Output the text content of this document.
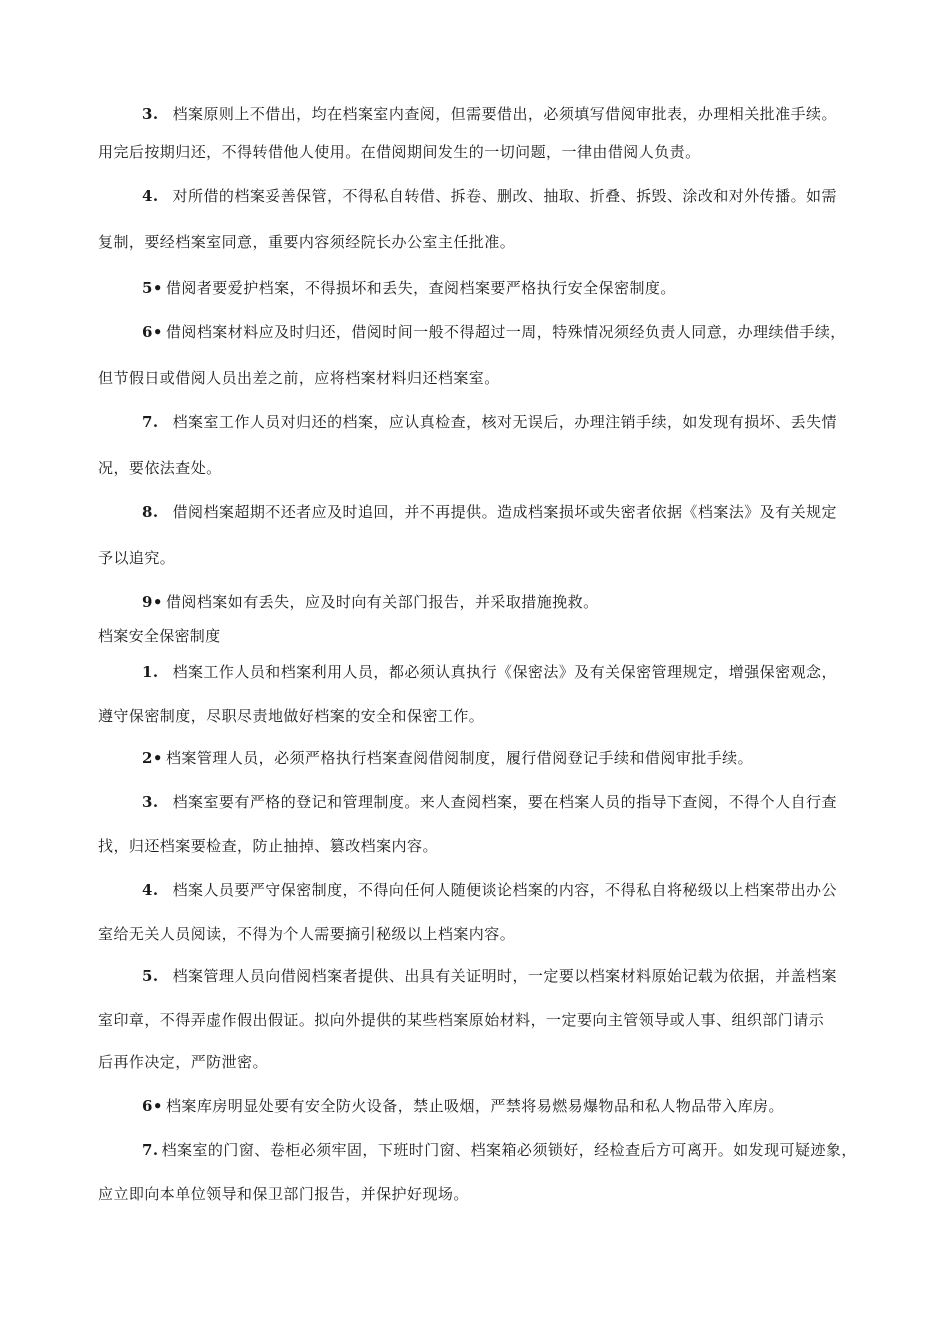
3. 档案原则上不借出，均在档案室内查阅，但需要借出，必须填写借阅审批表，办理相关批准手续。
用完后按期归还，不得转借他人使用。在借阅期间发生的一切问题，一律由借阅人负责。
4. 对所借的档案妥善保管，不得私自转借、拆卷、删改、抽取、折叠、拆毁、涂改和对外传播。如需
复制，要经档案室同意，重要内容须经院长办公室主任批准。
5• 借阅者要爱护档案，不得损坏和丢失，查阅档案要严格执行安全保密制度。
6• 借阅档案材料应及时归还，借阅时间一般不得超过一周，特殊情况须经负责人同意，办理续借手续，
但节假日或借阅人员出差之前，应将档案材料归还档案室。
7. 档案室工作人员对归还的档案，应认真检查，核对无误后，办理注销手续，如发现有损坏、丢失情
况，要依法查处。
8. 借阅档案超期不还者应及时追回，并不再提供。造成档案损坏或失密者依据《档案法》及有关规定
予以追究。
9• 借阅档案如有丢失，应及时向有关部门报告，并采取措施挽救。
档案安全保密制度
1. 档案工作人员和档案利用人员，都必须认真执行《保密法》及有关保密管理规定，增强保密观念，
遵守保密制度，尽职尽责地做好档案的安全和保密工作。
2• 档案管理人员，必须严格执行档案查阅借阅制度，履行借阅登记手续和借阅审批手续。
3. 档案室要有严格的登记和管理制度。来人查阅档案，要在档案人员的指导下查阅，不得个人自行查
找，归还档案要检查，防止抽掉、篡改档案内容。
4. 档案人员要严守保密制度，不得向任何人随便谈论档案的内容，不得私自将秘级以上档案带出办公
室给无关人员阅读，不得为个人需要摘引秘级以上档案内容。
5. 档案管理人员向借阅档案者提供、出具有关证明时，一定要以档案材料原始记载为依据，并盖档案
室印章，不得弄虚作假出假证。拟向外提供的某些档案原始材料，一定要向主管领导或人事、组织部门请示
后再作决定，严防泄密。
6• 档案库房明显处要有安全防火设备，禁止吸烟，严禁将易燃易爆物品和私人物品带入库房。
7. 档案室的门窗、卷柜必须牢固，下班时门窗、档案箱必须锁好，经检查后方可离开。如发现可疑迹象，
应立即向本单位领导和保卫部门报告，并保护好现场。
